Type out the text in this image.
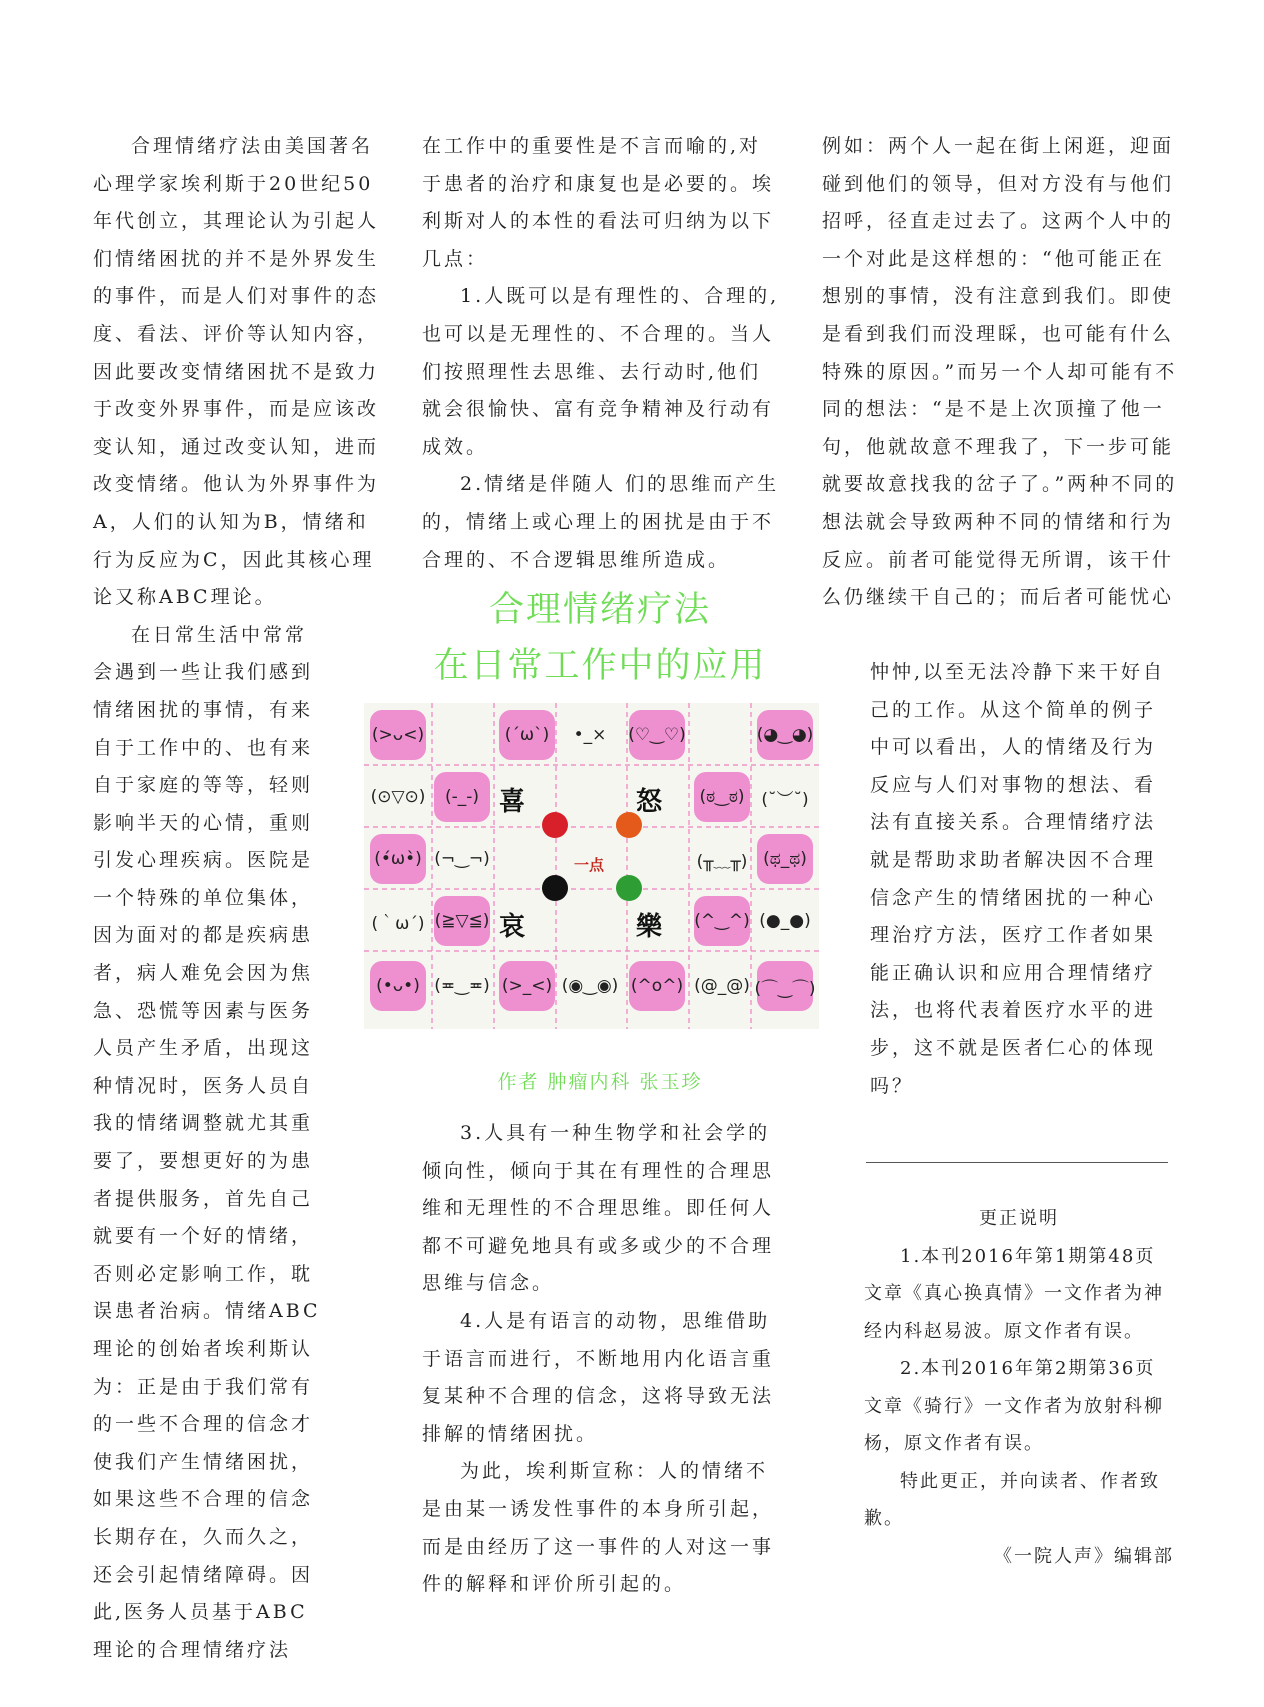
合理情绪疗法由美国著名心理学家埃利斯于20世纪50年代创立，其理论认为引起人们情绪困扰的并不是外界发生的事件，而是人们对事件的态度、看法、评价等认知内容，因此要改变情绪困扰不是致力于改变外界事件，而是应该改变认知，通过改变认知，进而改变情绪。他认为外界事件为A，人们的认知为B，情绪和行为反应为C，因此其核心理论又称ABC理论。

在日常生活中常常会遇到一些让我们感到情绪困扰的事情，有来自于工作中的、也有来自于家庭的等等，轻则影响半天的心情，重则引发心理疾病。医院是一个特殊的单位集体，因为面对的都是疾病患者，病人难免会因为焦急、恐慌等因素与医务人员产生矛盾，出现这种情况时，医务人员自我的情绪调整就尤其重要了，要想更好的为患者提供服务，首先自己就要有一个好的情绪，否则必定影响工作，耽误患者治病。情绪ABC理论的创始者埃利斯认为：正是由于我们常有的一些不合理的信念才使我们产生情绪困扰，如果这些不合理的信念长期存在，久而久之，还会引起情绪障碍。因此,医务人员基于ABC理论的合理情绪疗法

在工作中的重要性是不言而喻的,对于患者的治疗和康复也是必要的。埃利斯对人的本性的看法可归纳为以下几点：

1.人既可以是有理性的、合理的,也可以是无理性的、不合理的。当人们按照理性去思维、去行动时,他们就会很愉快、富有竞争精神及行动有成效。

2.情绪是伴随人 们的思维而产生的，情绪上或心理上的困扰是由于不合理的、不合逻辑思维所造成。

3.人具有一种生物学和社会学的倾向性，倾向于其在有理性的合理思维和无理性的不合理思维。即任何人都不可避免地具有或多或少的不合理思维与信念。

4.人是有语言的动物，思维借助于语言而进行，不断地用内化语言重复某种不合理的信念，这将导致无法排解的情绪困扰。

为此，埃利斯宣称：人的情绪不是由某一诱发性事件的本身所引起，而是由经历了这一事件的人对这一事件的解释和评价所引起的。

例如：两个人一起在街上闲逛，迎面碰到他们的领导，但对方没有与他们招呼，径直走过去了。这两个人中的一个对此是这样想的：“他可能正在想别的事情，没有注意到我们。即使是看到我们而没理睬，也可能有什么特殊的原因。”而另一个人却可能有不同的想法：“是不是上次顶撞了他一句，他就故意不理我了，下一步可能就要故意找我的岔子了。”两种不同的想法就会导致两种不同的情绪和行为反应。前者可能觉得无所谓，该干什么仍继续干自己的；而后者可能忧心

忡忡,以至无法冷静下来干好自己的工作。从这个简单的例子中可以看出，人的情绪及行为反应与人们对事物的想法、看法有直接关系。合理情绪疗法就是帮助求助者解决因不合理信念产生的情绪困扰的一种心 理治疗方法，医疗工作者如果能正确认识和应用合理情绪疗法，也将代表着医疗水平的进步，这不就是医者仁心的体现吗？

合理情绪疗法
在日常工作中的应用
(>ᴗ<)	(´ω`)	•_×	(♡‿♡)	(◕‿◕)
(⊙▽⊙)	(-_-) 喜	怒	(ಠ‿ಠ) (˘︶˘)
(•́ω•̀) (¬‿¬)	一点	(╥﹏╥) (ಥ_ಥ)
(｀ω´) (≧▽≦) 哀	樂 (^‿^) (●_●)
(•ᴗ•) (≖‿≖) (>_<) (◉‿◉) (^o^) (@_@) (⌒‿⌒)
作者 肿瘤内科 张玉珍

更正说明

1.本刊2016年第1期第48页文章《真心换真情》一文作者为神经内科赵易波。原文作者有误。

2.本刊2016年第2期第36页文章《骑行》一文作者为放射科柳杨，原文作者有误。

特此更正，并向读者、作者致歉。

《一院人声》编辑部
